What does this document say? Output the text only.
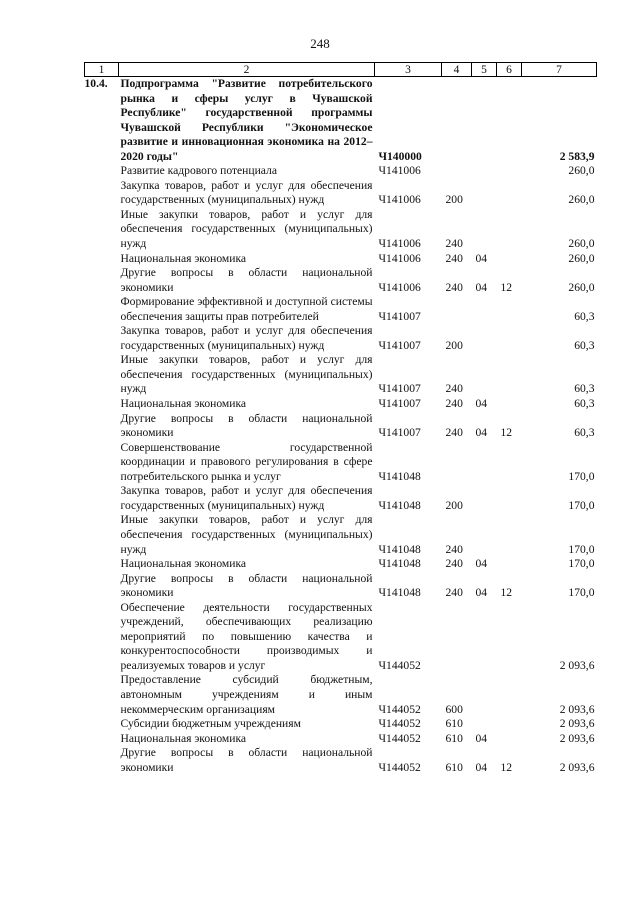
248
1	2	3	4	5	6	7
10.4.	Подпрограмма "Развитие потребительского рынка и сферы услуг в Чувашской Республике" государственной программы Чувашской Республики "Экономическое развитие и инновационная экономика на 2012–2020 годы"	Ч140000				2 583,9
	Развитие кадрового потенциала	Ч141006				260,0
	Закупка товаров, работ и услуг для обеспечения государственных (муниципальных) нужд	Ч141006	200			260,0
	Иные закупки товаров, работ и услуг для обеспечения государственных (муниципальных) нужд	Ч141006	240			260,0
	Национальная экономика	Ч141006	240	04		260,0
	Другие вопросы в области национальной экономики	Ч141006	240	04	12	260,0
	Формирование эффективной и доступной системы обеспечения защиты прав потребителей	Ч141007				60,3
	Закупка товаров, работ и услуг для обеспечения государственных (муниципальных) нужд	Ч141007	200			60,3
	Иные закупки товаров, работ и услуг для обеспечения государственных (муниципальных) нужд	Ч141007	240			60,3
	Национальная экономика	Ч141007	240	04		60,3
	Другие вопросы в области национальной экономики	Ч141007	240	04	12	60,3
	Совершенствование государственной координации и правового регулирования в сфере потребительского рынка и услуг	Ч141048				170,0
	Закупка товаров, работ и услуг для обеспечения государственных (муниципальных) нужд	Ч141048	200			170,0
	Иные закупки товаров, работ и услуг для обеспечения государственных (муниципальных) нужд	Ч141048	240			170,0
	Национальная экономика	Ч141048	240	04		170,0
	Другие вопросы в области национальной экономики	Ч141048	240	04	12	170,0
	Обеспечение деятельности государственных учреждений, обеспечивающих реализацию мероприятий по повышению качества и конкурентоспособности производимых и реализуемых товаров и услуг	Ч144052				2 093,6
	Предоставление субсидий бюджетным, автономным учреждениям и иным некоммерческим организациям	Ч144052	600			2 093,6
	Субсидии бюджетным учреждениям	Ч144052	610			2 093,6
	Национальная экономика	Ч144052	610	04		2 093,6
	Другие вопросы в области национальной экономики	Ч144052	610	04	12	2 093,6
